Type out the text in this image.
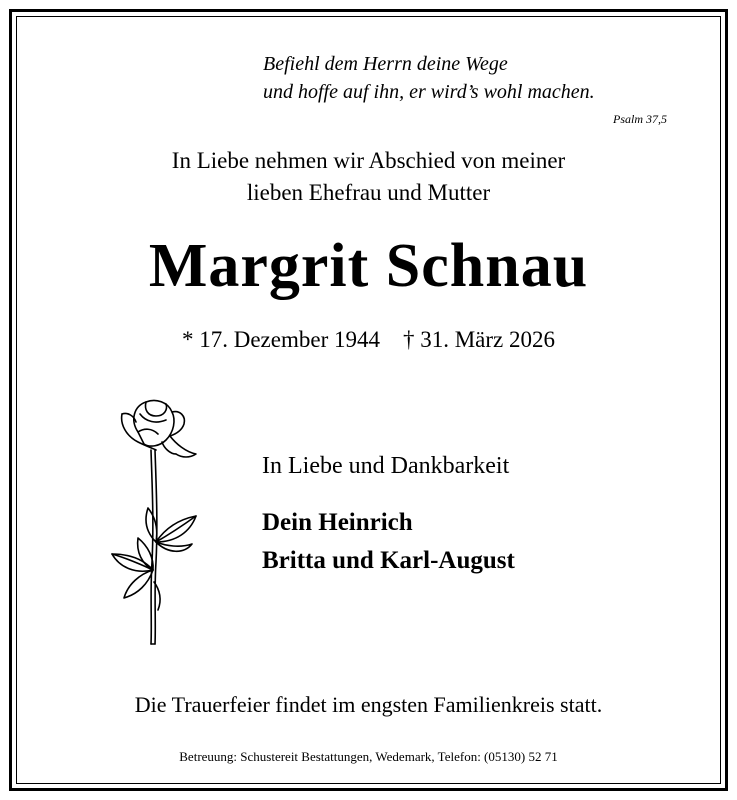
Befiehl dem Herrn deine Wege
und hoffe auf ihn, er wird’s wohl machen.
Psalm 37,5
In Liebe nehmen wir Abschied von meiner
lieben Ehefrau und Mutter
Margrit Schnau
* 17. Dezember 1944    † 31. März 2026
In Liebe und Dankbarkeit
Dein Heinrich
Britta und Karl-August
Die Trauerfeier findet im engsten Familienkreis statt.
Betreuung: Schustereit Bestattungen, Wedemark, Telefon: (05130) 52 71
